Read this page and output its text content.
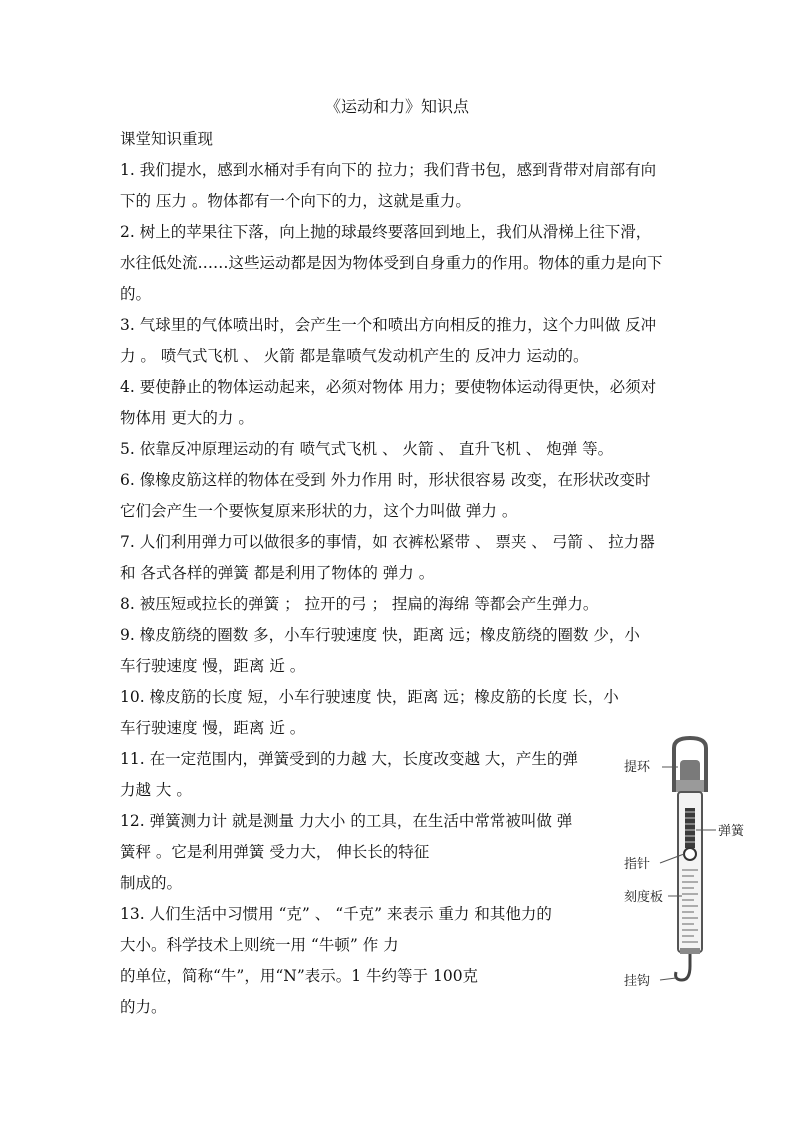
《运动和力》知识点
课堂知识重现
1. 我们提水，感到水桶对手有向下的 拉力；我们背书包，感到背带对肩部有向
下的 压力 。物体都有一个向下的力，这就是重力。
2. 树上的苹果往下落，向上抛的球最终要落回到地上，我们从滑梯上往下滑，
水往低处流……这些运动都是因为物体受到自身重力的作用。物体的重力是向下
的。
3. 气球里的气体喷出时，会产生一个和喷出方向相反的推力，这个力叫做 反冲
力 。 喷气式飞机 、 火箭 都是靠喷气发动机产生的 反冲力 运动的。
4. 要使静止的物体运动起来，必须对物体 用力；要使物体运动得更快，必须对
物体用 更大的力 。
5. 依靠反冲原理运动的有 喷气式飞机 、 火箭 、 直升飞机 、 炮弹 等。
6. 像橡皮筋这样的物体在受到 外力作用 时，形状很容易 改变，在形状改变时
它们会产生一个要恢复原来形状的力，这个力叫做 弹力 。
7. 人们利用弹力可以做很多的事情，如 衣裤松紧带 、 票夹 、 弓箭 、 拉力器
和 各式各样的弹簧 都是利用了物体的 弹力 。
8. 被压短或拉长的弹簧 ； 拉开的弓 ； 捏扁的海绵 等都会产生弹力。
9. 橡皮筋绕的圈数 多，小车行驶速度 快，距离 远；橡皮筋绕的圈数 少，小
车行驶速度 慢，距离 近 。
10. 橡皮筋的长度 短，小车行驶速度 快，距离 远；橡皮筋的长度 长，小
车行驶速度 慢，距离 近 。
11. 在一定范围内，弹簧受到的力越 大，长度改变越 大，产生的弹
力越 大 。
12. 弹簧测力计 就是测量 力大小 的工具，在生活中常常被叫做 弹
簧秤 。它是利用弹簧 受力大， 伸长长的特征
制成的。
13. 人们生活中习惯用 “克” 、 “千克” 来表示 重力 和其他力的
大小。科学技术上则统一用 “牛顿” 作 力
的单位，简称“牛”，用“N”表示。1 牛约等于 100克
的力。
提环
弹簧
指针
刻度板
挂钩
